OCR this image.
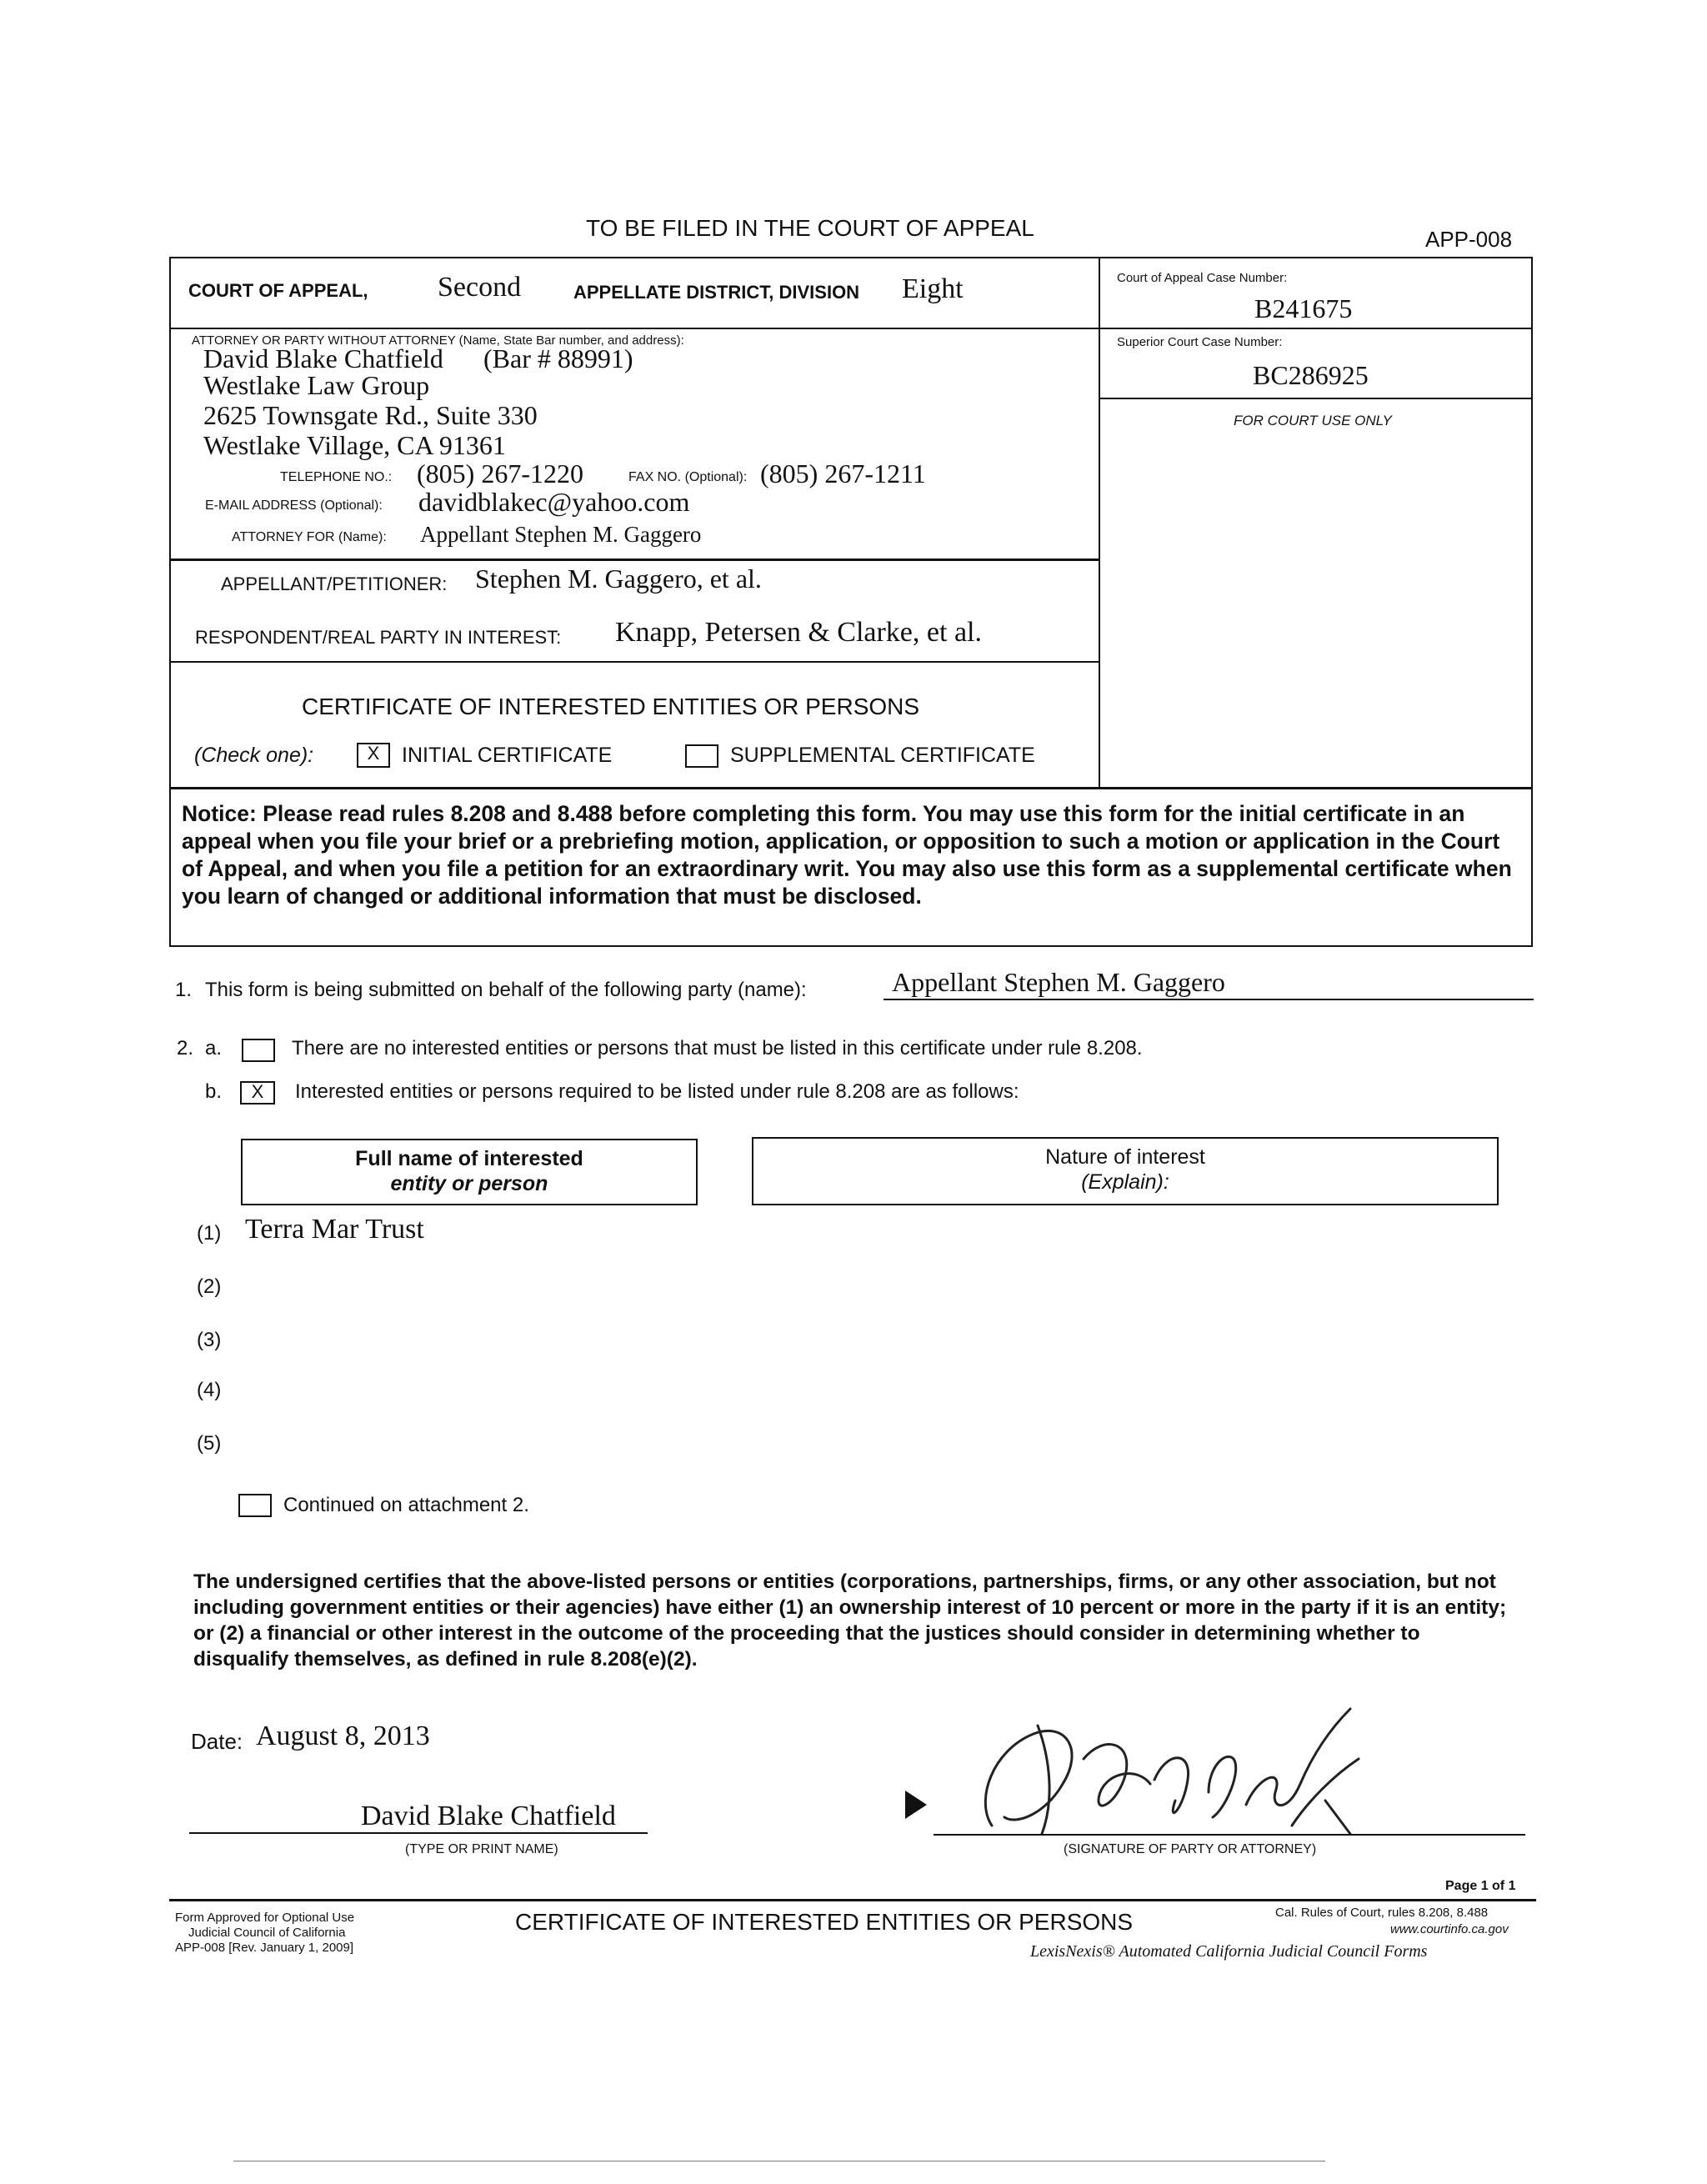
TO BE FILED IN THE COURT OF APPEAL	APP-008
COURT OF APPEAL, Second	APPELLATE DISTRICT, DIVISION Eight	Court of Appeal Case Number:
B241675
Superior Court Case Number:
BC286925
FOR COURT USE ONLY
ATTORNEY OR PARTY WITHOUT ATTORNEY (Name, State Bar number, and address):
David Blake Chatfield (Bar # 88991)
Westlake Law Group
2625 Townsgate Rd., Suite 330
Westlake Village, CA 91361
TELEPHONE NO.: (805) 267-1220	FAX NO. (Optional): (805) 267-1211
E-MAIL ADDRESS (Optional): davidblakec@yahoo.com
ATTORNEY FOR (Name): Appellant Stephen M. Gaggero
APPELLANT/PETITIONER: Stephen M. Gaggero, et al.
RESPONDENT/REAL PARTY IN INTEREST: Knapp, Petersen & Clarke, et al.
CERTIFICATE OF INTERESTED ENTITIES OR PERSONS
(Check one):	X	INITIAL CERTIFICATE	SUPPLEMENTAL CERTIFICATE
Notice: Please read rules 8.208 and 8.488 before completing this form. You may use this form for the initial certificate in an appeal when you file your brief or a prebriefing motion, application, or opposition to such a motion or application in the Court of Appeal, and when you file a petition for an extraordinary writ. You may also use this form as a supplemental certificate when you learn of changed or additional information that must be disclosed.
1. This form is being submitted on behalf of the following party (name):	Appellant Stephen M. Gaggero
2. a.	There are no interested entities or persons that must be listed in this certificate under rule 8.208.
b.	X	Interested entities or persons required to be listed under rule 8.208 are as follows:
Full name of interested
entity or person
Nature of interest
(Explain):
(1) Terra Mar Trust
(2)
(3)
(4)
(5)
Continued on attachment 2.
The undersigned certifies that the above-listed persons or entities (corporations, partnerships, firms, or any other association, but not including government entities or their agencies) have either (1) an ownership interest of 10 percent or more in the party if it is an entity; or (2) a financial or other interest in the outcome of the proceeding that the justices should consider in determining whether to disqualify themselves, as defined in rule 8.208(e)(2).
Date: August 8, 2013
David Blake Chatfield
(TYPE OR PRINT NAME)	(SIGNATURE OF PARTY OR ATTORNEY)
Page 1 of 1
Form Approved for Optional Use
Judicial Council of California
APP-008 [Rev. January 1, 2009]
CERTIFICATE OF INTERESTED ENTITIES OR PERSONS	Cal. Rules of Court, rules 8.208, 8.488
www.courtinfo.ca.gov
LexisNexis® Automated California Judicial Council Forms
